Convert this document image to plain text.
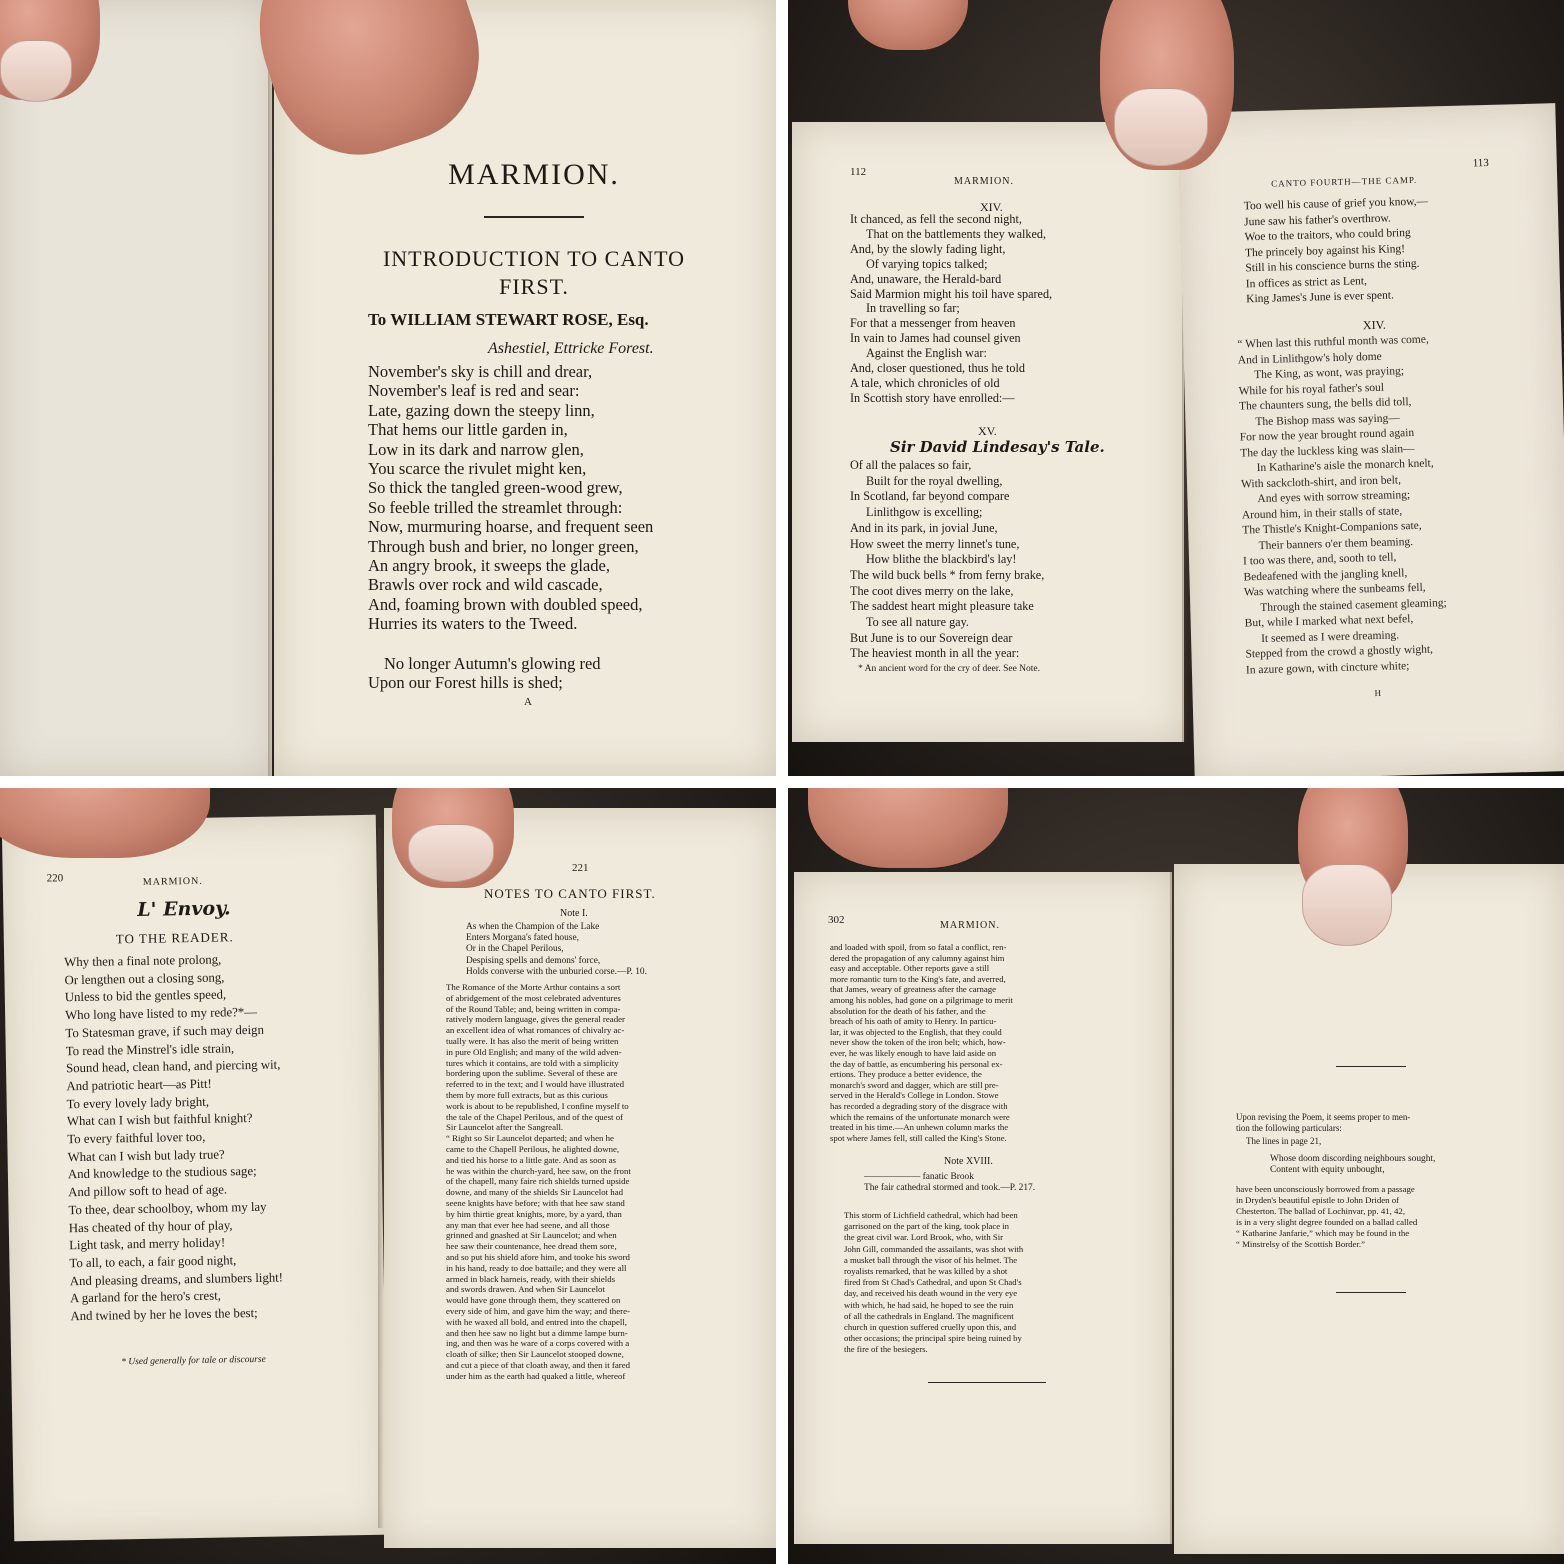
MARMION.
INTRODUCTION TO CANTO
FIRST.
To WILLIAM STEWART ROSE, Esq.
Ashestiel, Ettricke Forest.
November's sky is chill and drear,
November's leaf is red and sear:
Late, gazing down the steepy linn,
That hems our little garden in,
Low in its dark and narrow glen,
You scarce the rivulet might ken,
So thick the tangled green-wood grew,
So feeble trilled the streamlet through:
Now, murmuring hoarse, and frequent seen
Through bush and brier, no longer green,
An angry brook, it sweeps the glade,
Brawls over rock and wild cascade,
And, foaming brown with doubled speed,
Hurries its waters to the Tweed.
No longer Autumn's glowing red
Upon our Forest hills is shed;
A
112
MARMION.
XIV.
It chanced, as fell the second night,
That on the battlements they walked,
And, by the slowly fading light,
Of varying topics talked;
And, unaware, the Herald-bard
Said Marmion might his toil have spared,
In travelling so far;
For that a messenger from heaven
In vain to James had counsel given
Against the English war:
And, closer questioned, thus he told
A tale, which chronicles of old
In Scottish story have enrolled:—
XV.
Sir David Lindesay's Tale.
Of all the palaces so fair,
Built for the royal dwelling,
In Scotland, far beyond compare
Linlithgow is excelling;
And in its park, in jovial June,
How sweet the merry linnet's tune,
How blithe the blackbird's lay!
The wild buck bells * from ferny brake,
The coot dives merry on the lake,
The saddest heart might pleasure take
To see all nature gay.
But June is to our Sovereign dear
The heaviest month in all the year:
* An ancient word for the cry of deer. See Note.
CANTO FOURTH—THE CAMP.
113
Too well his cause of grief you know,—
June saw his father's overthrow.
Woe to the traitors, who could bring
The princely boy against his King!
Still in his conscience burns the sting.
In offices as strict as Lent,
King James's June is ever spent.
XIV.
“ When last this ruthful month was come,
And in Linlithgow's holy dome
The King, as wont, was praying;
While for his royal father's soul
The chaunters sung, the bells did toll,
The Bishop mass was saying—
For now the year brought round again
The day the luckless king was slain—
In Katharine's aisle the monarch knelt,
With sackcloth-shirt, and iron belt,
And eyes with sorrow streaming;
Around him, in their stalls of state,
The Thistle's Knight-Companions sate,
Their banners o'er them beaming.
I too was there, and, sooth to tell,
Bedeafened with the jangling knell,
Was watching where the sunbeams fell,
Through the stained casement gleaming;
But, while I marked what next befel,
It seemed as I were dreaming.
Stepped from the crowd a ghostly wight,
In azure gown, with cincture white;
H
220	MARMION.
L' Envoy.
TO THE READER.
Why then a final note prolong,
Or lengthen out a closing song,
Unless to bid the gentles speed,
Who long have listed to my rede?*—
To Statesman grave, if such may deign
To read the Minstrel's idle strain,
Sound head, clean hand, and piercing wit,
And patriotic heart—as Pitt!
To every lovely lady bright,
What can I wish but faithful knight?
To every faithful lover too,
What can I wish but lady true?
And knowledge to the studious sage;
And pillow soft to head of age.
To thee, dear schoolboy, whom my lay
Has cheated of thy hour of play,
Light task, and merry holiday!
To all, to each, a fair good night,
And pleasing dreams, and slumbers light!
A garland for the hero's crest,
And twined by her he loves the best;
* Used generally for tale or discourse
221
NOTES TO CANTO FIRST.
Note I.
As when the Champion of the Lake
Enters Morgana's fated house,
Or in the Chapel Perilous,
Despising spells and demons' force,
Holds converse with the unburied corse.—P. 10.
The Romance of the Morte Arthur contains a sort
of abridgement of the most celebrated adventures
of the Round Table; and, being written in compa-
ratively modern language, gives the general reader
an excellent idea of what romances of chivalry ac-
tually were. It has also the merit of being written
in pure Old English; and many of the wild adven-
tures which it contains, are told with a simplicity
bordering upon the sublime. Several of these are
referred to in the text; and I would have illustrated
them by more full extracts, but as this curious
work is about to be republished, I confine myself to
the tale of the Chapel Perilous, and of the quest of
Sir Launcelot after the Sangreall.
“ Right so Sir Launcelot departed; and when he
came to the Chapell Perilous, he alighted downe,
and tied his horse to a little gate. And as soon as
he was within the church-yard, hee saw, on the front
of the chapell, many faire rich shields turned upside
downe, and many of the shields Sir Launcelot had
seene knights have before; with that hee saw stand
by him thirtie great knights, more, by a yard, than
any man that ever hee had seene, and all those
grinned and gnashed at Sir Launcelot; and when
hee saw their countenance, hee dread them sore,
and so put his shield afore him, and tooke his sword
in his hand, ready to doe battaile; and they were all
armed in black harneis, ready, with their shields
and swords drawen. And when Sir Launcelot
would have gone through them, they scattered on
every side of him, and gave him the way; and there-
with he waxed all bold, and entred into the chapell,
and then hee saw no light but a dimme lampe burn-
ing, and then was he ware of a corps covered with a
cloath of silke; then Sir Launcelot stooped downe,
and cut a piece of that cloath away, and then it fared
under him as the earth had quaked a little, whereof
302	MARMION.
and loaded with spoil, from so fatal a conflict, ren-
dered the propagation of any calumny against him
easy and acceptable. Other reports gave a still
more romantic turn to the King's fate, and averred,
that James, weary of greatness after the carnage
among his nobles, had gone on a pilgrimage to merit
absolution for the death of his father, and the
breach of his oath of amity to Henry. In particu-
lar, it was objected to the English, that they could
never show the token of the iron belt; which, how-
ever, he was likely enough to have laid aside on
the day of battle, as encumbering his personal ex-
ertions. They produce a better evidence, the
monarch's sword and dagger, which are still pre-
served in the Herald's College in London. Stowe
has recorded a degrading story of the disgrace with
which the remains of the unfortunate monarch were
treated in his time.—An unhewn column marks the
spot where James fell, still called the King's Stone.
Note XVIII.
—————— fanatic Brook
The fair cathedral stormed and took.—P. 217.
This storm of Lichfield cathedral, which had been
garrisoned on the part of the king, took place in
the great civil war. Lord Brook, who, with Sir
John Gill, commanded the assailants, was shot with
a musket ball through the visor of his helmet. The
royalists remarked, that he was killed by a shot
fired from St Chad's Cathedral, and upon St Chad's
day, and received his death wound in the very eye
with which, he had said, he hoped to see the ruin
of all the cathedrals in England. The magnificent
church in question suffered cruelly upon this, and
other occasions; the principal spire being ruined by
the fire of the besiegers.
Upon revising the Poem, it seems proper to men-
tion the following particulars:
The lines in page 21,
Whose doom discording neighbours sought,
Content with equity unbought,
have been unconsciously borrowed from a passage
in Dryden's beautiful epistle to John Driden of
Chesterton. The ballad of Lochinvar, pp. 41, 42,
is in a very slight degree founded on a ballad called
“ Katharine Janfarie,” which may be found in the
“ Minstrelsy of the Scottish Border.”
